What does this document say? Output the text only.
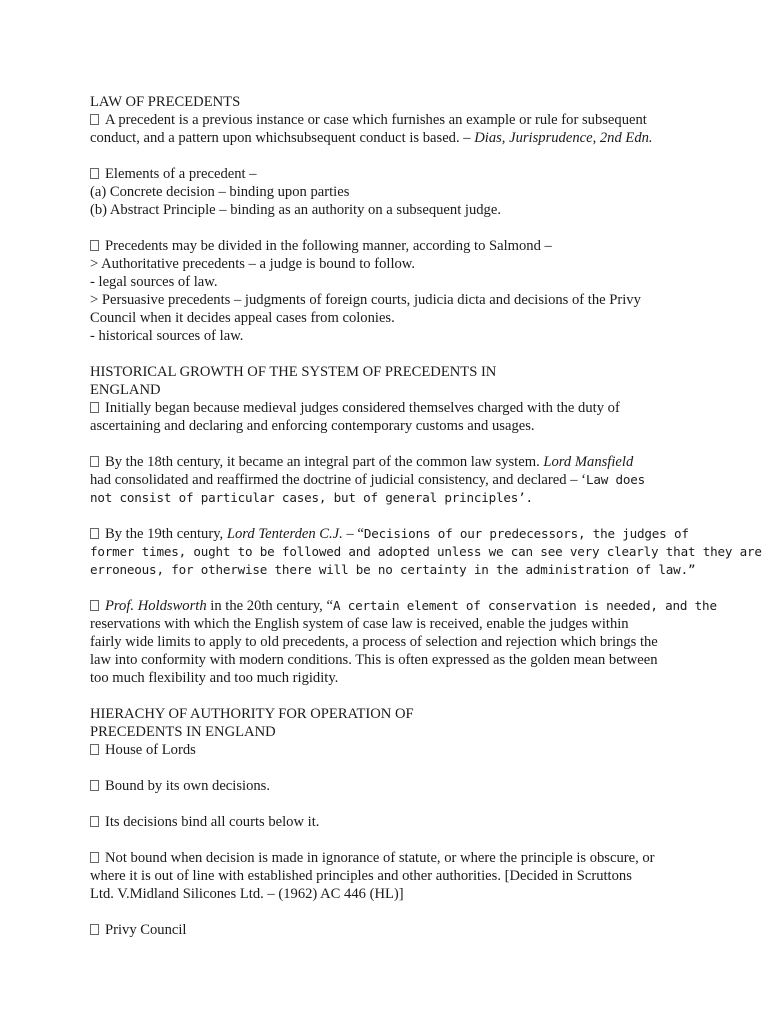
LAW OF PRECEDENTS
A precedent is a previous instance or case which furnishes an example or rule for subsequent
conduct, and a pattern upon whichsubsequent conduct is based. – Dias, Jurisprudence, 2nd Edn.
Elements of a precedent –
(a) Concrete decision – binding upon parties
(b) Abstract Principle – binding as an authority on a subsequent judge.
Precedents may be divided in the following manner, according to Salmond –
> Authoritative precedents – a judge is bound to follow.
- legal sources of law.
> Persuasive precedents – judgments of foreign courts, judicia dicta and decisions of the Privy
Council when it decides appeal cases from colonies.
- historical sources of law.
HISTORICAL GROWTH OF THE SYSTEM OF PRECEDENTS IN
ENGLAND
Initially began because medieval judges considered themselves charged with the duty of
ascertaining and declaring and enforcing contemporary customs and usages.
By the 18th century, it became an integral part of the common law system. Lord Mansfield
had consolidated and reaffirmed the doctrine of judicial consistency, and declared – ‘Law does
not consist of particular cases, but of general principles’.
By the 19th century, Lord Tenterden C.J. – “Decisions of our predecessors, the judges of
former times, ought to be followed and adopted unless we can see very clearly that they are
erroneous, for otherwise there will be no certainty in the administration of law.”
Prof. Holdsworth in the 20th century, “A certain element of conservation is needed, and the
reservations with which the English system of case law is received, enable the judges within
fairly wide limits to apply to old precedents, a process of selection and rejection which brings the
law into conformity with modern conditions. This is often expressed as the golden mean between
too much flexibility and too much rigidity.
HIERACHY OF AUTHORITY FOR OPERATION OF
PRECEDENTS IN ENGLAND
House of Lords
Bound by its own decisions.
Its decisions bind all courts below it.
Not bound when decision is made in ignorance of statute, or where the principle is obscure, or
where it is out of line with established principles and other authorities. [Decided in Scruttons
Ltd. V.Midland Silicones Ltd. – (1962) AC 446 (HL)]
Privy Council
